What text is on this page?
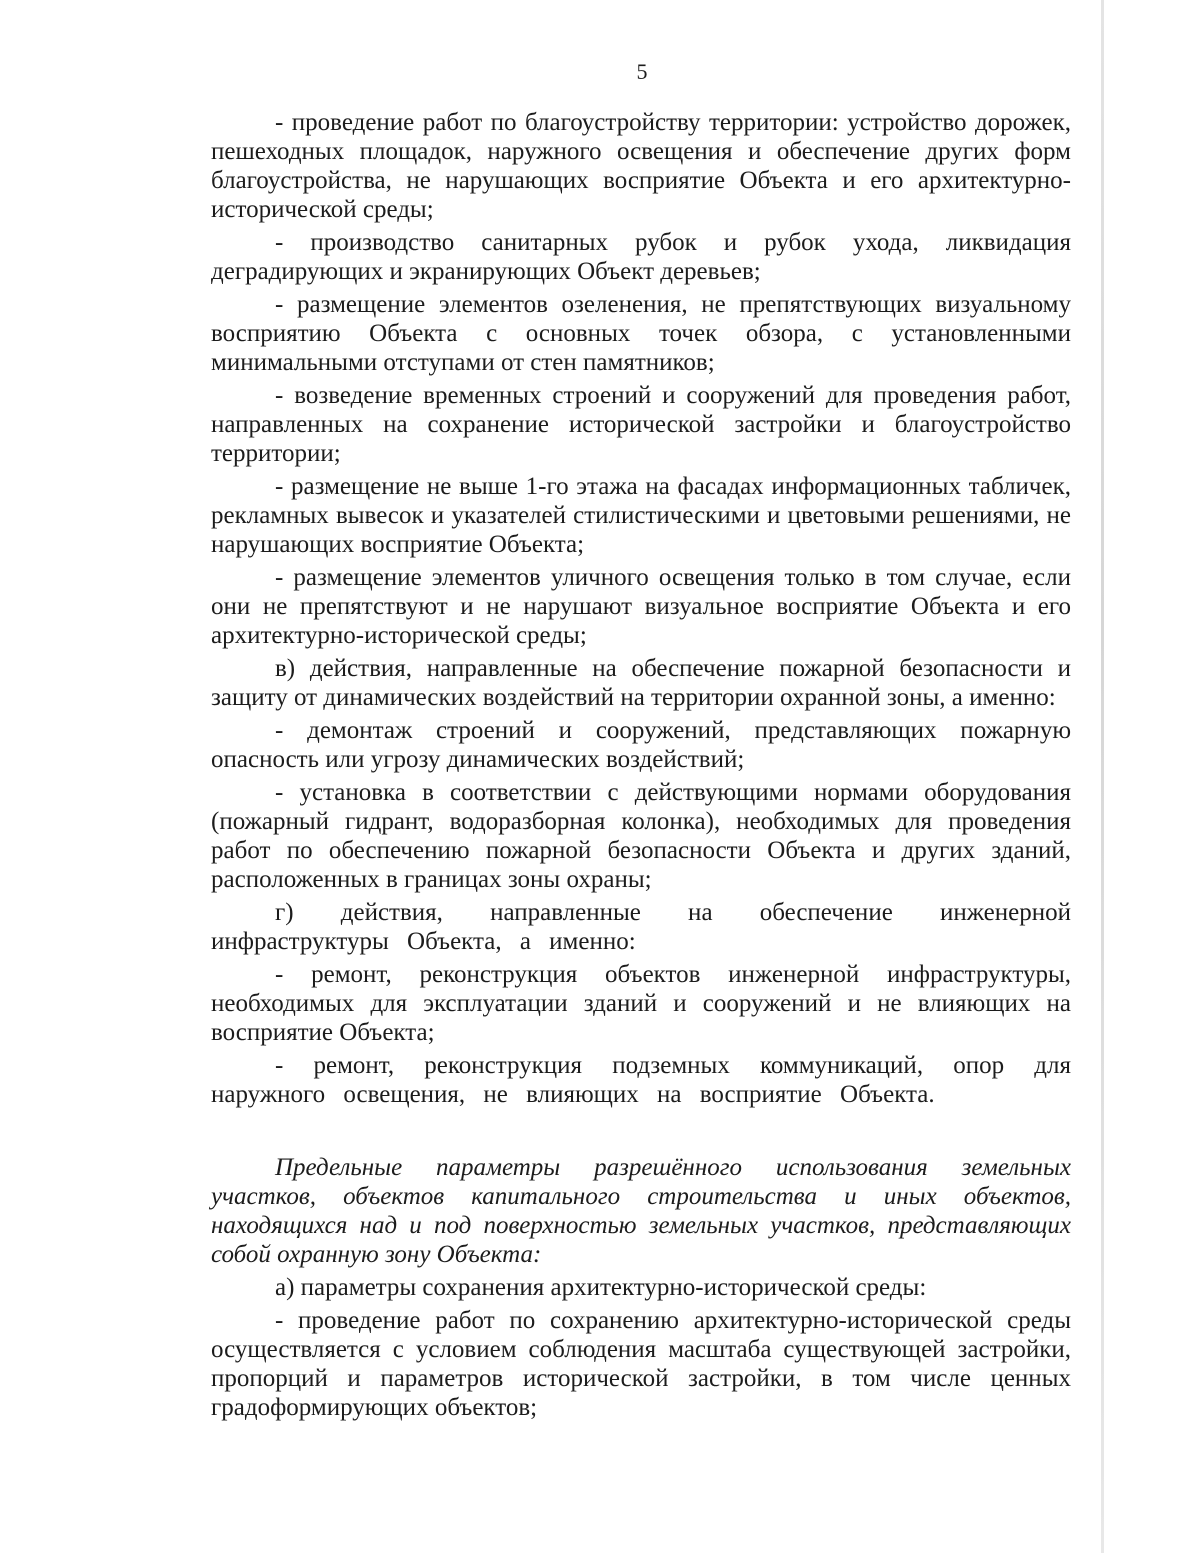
5

- проведение работ по благоустройству территории: устройство дорожек, пешеходных площадок, наружного освещения и обеспечение других форм благоустройства, не нарушающих восприятие Объекта и его архитектурно-исторической среды;

- производство санитарных рубок и рубок ухода, ликвидация деградирующих и экранирующих Объект деревьев;

- размещение элементов озеленения, не препятствующих визуальному восприятию Объекта с основных точек обзора, с установленными минимальными отступами от стен памятников;

- возведение временных строений и сооружений для проведения работ, направленных на сохранение исторической застройки и благоустройство территории;

- размещение не выше 1-го этажа на фасадах информационных табличек, рекламных вывесок и указателей стилистическими и цветовыми решениями, не нарушающих восприятие Объекта;

- размещение элементов уличного освещения только в том случае, если они не препятствуют и не нарушают визуальное восприятие Объекта и его архитектурно-исторической среды;

в) действия, направленные на обеспечение пожарной безопасности и защиту от динамических воздействий на территории охранной зоны, а именно:

- демонтаж строений и сооружений, представляющих пожарную опасность или угрозу динамических воздействий;

- установка в соответствии с действующими нормами оборудования (пожарный гидрант, водоразборная колонка), необходимых для проведения работ по обеспечению пожарной безопасности Объекта и других зданий, расположенных в границах зоны охраны;

г) действия, направленные на обеспечение инженерной инфраструктуры Объекта, а именно:

- ремонт, реконструкция объектов инженерной инфраструктуры, необходимых для эксплуатации зданий и сооружений и не влияющих на восприятие Объекта;

- ремонт, реконструкция подземных коммуникаций, опор для наружного освещения, не влияющих на восприятие Объекта.

Предельные параметры разрешённого использования земельных участков, объектов капитального строительства и иных объектов, находящихся над и под поверхностью земельных участков, представляющих собой охранную зону Объекта:

а) параметры сохранения архитектурно-исторической среды:

- проведение работ по сохранению архитектурно-исторической среды осуществляется с условием соблюдения масштаба существующей застройки, пропорций и параметров исторической застройки, в том числе ценных градоформирующих объектов;
